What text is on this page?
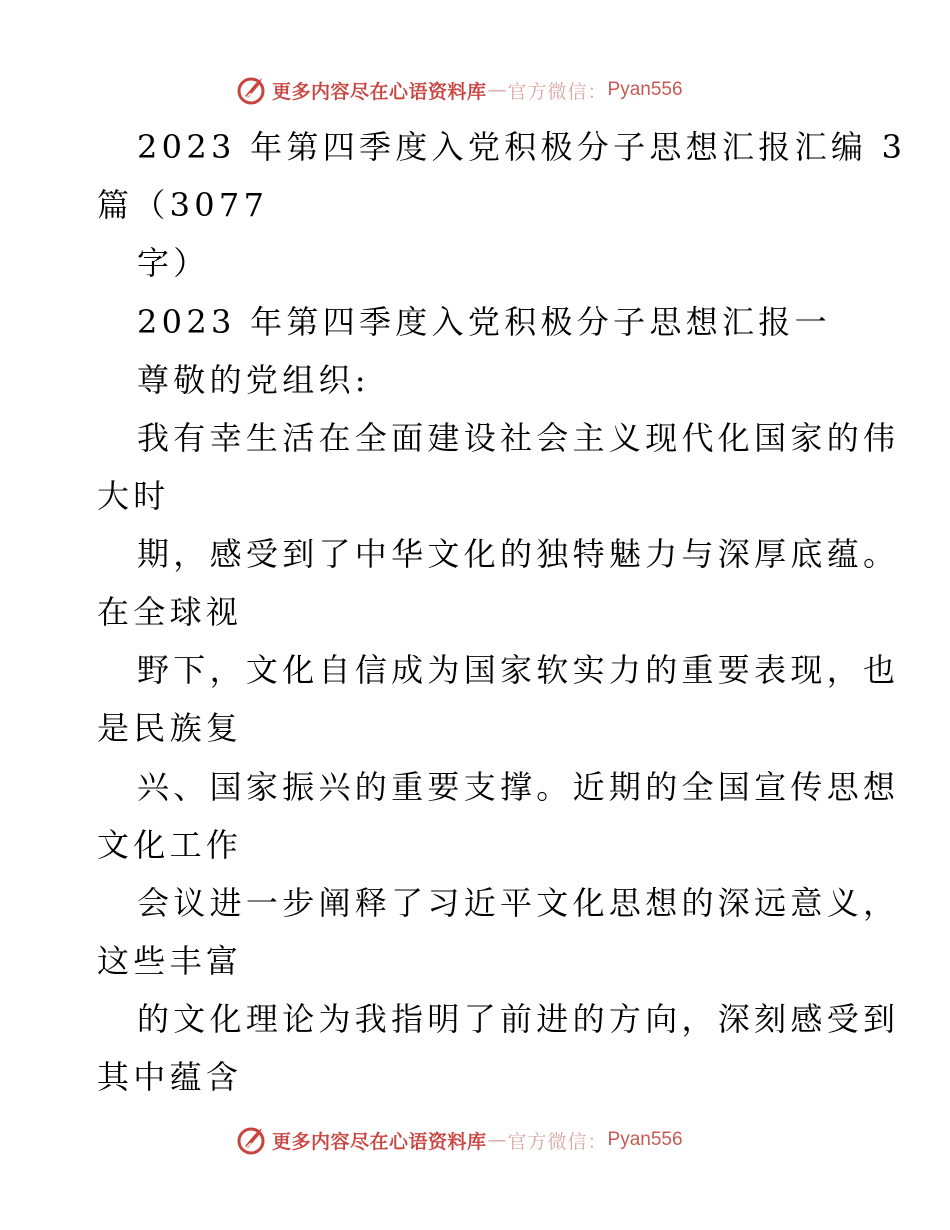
更多内容尽在心语资料库 — 官方微信： Pyan556
2023 年第四季度入党积极分子思想汇报汇编 3
篇（3077
字）
2023 年第四季度入党积极分子思想汇报一
尊敬的党组织:
我有幸生活在全面建设社会主义现代化国家的伟
大时
期，感受到了中华文化的独特魅力与深厚底蕴。
在全球视
野下，文化自信成为国家软实力的重要表现，也
是民族复
兴、国家振兴的重要支撑。近期的全国宣传思想
文化工作
会议进一步阐释了习近平文化思想的深远意义，
这些丰富
的文化理论为我指明了前进的方向，深刻感受到
其中蕴含
更多内容尽在心语资料库 — 官方微信： Pyan556
